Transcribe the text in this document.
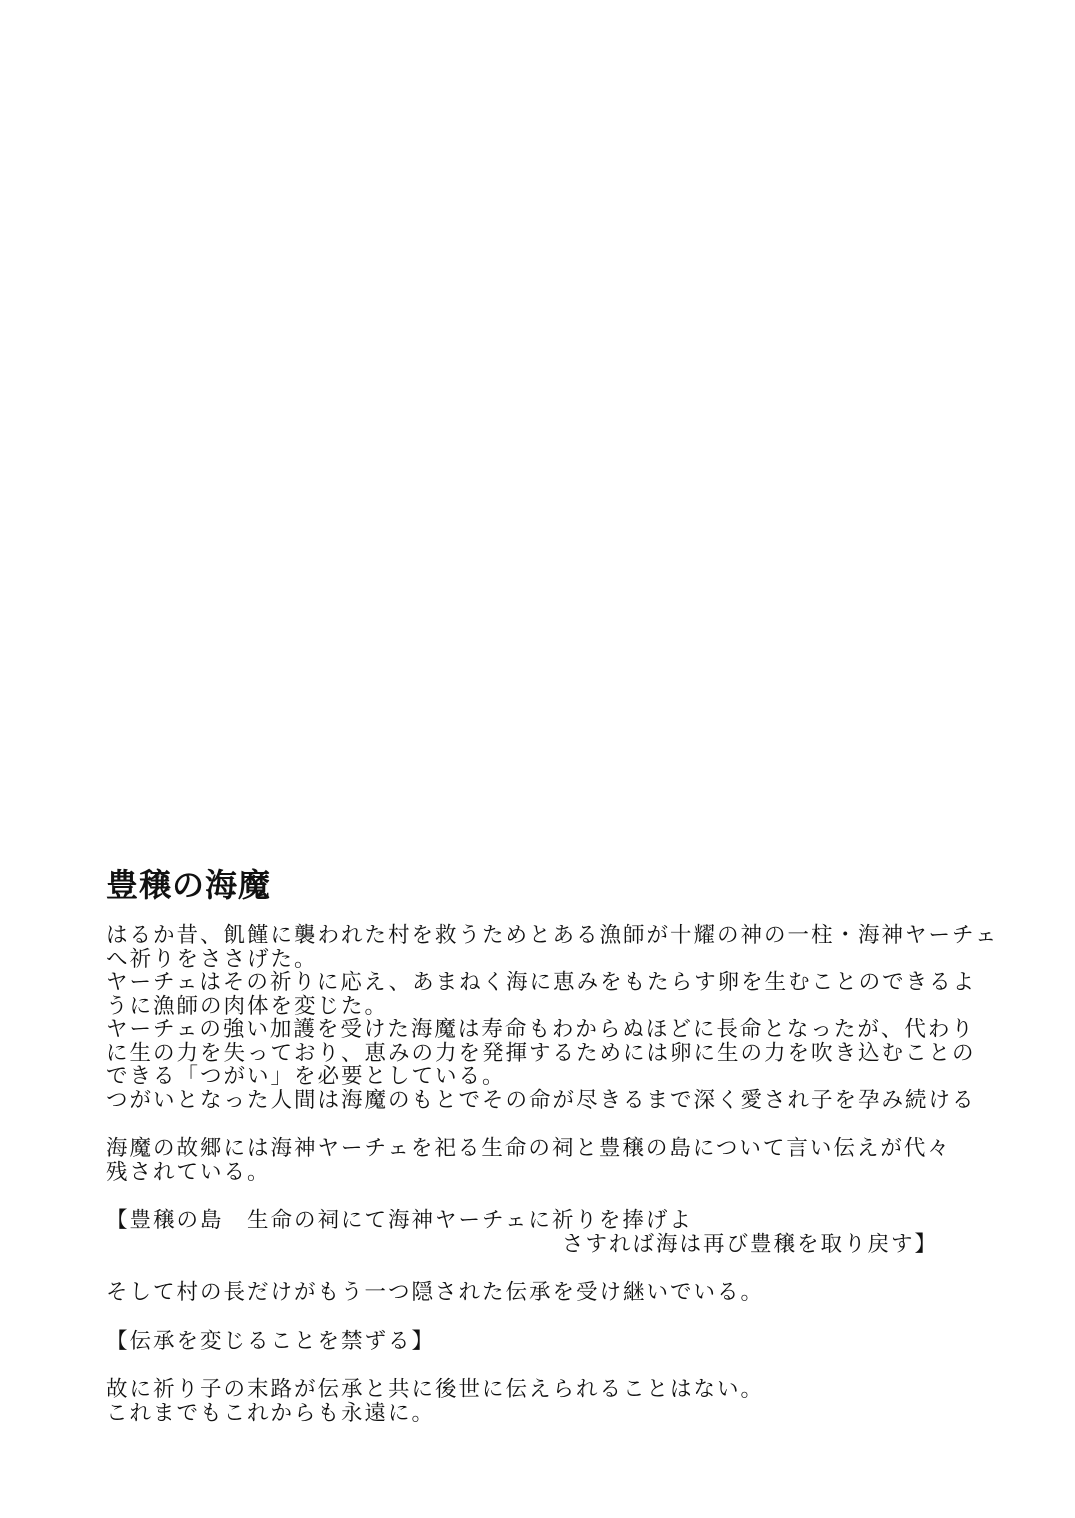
豊穣の海魔
はるか昔、飢饉に襲われた村を救うためとある漁師が十耀の神の一柱・海神ヤーチェ
へ祈りをささげた。
ヤーチェはその祈りに応え、あまねく海に恵みをもたらす卵を生むことのできるよ
うに漁師の肉体を変じた。
ヤーチェの強い加護を受けた海魔は寿命もわからぬほどに長命となったが、代わり
に生の力を失っており、恵みの力を発揮するためには卵に生の力を吹き込むことの
できる「つがい」を必要としている。
つがいとなった人間は海魔のもとでその命が尽きるまで深く愛され子を孕み続ける
海魔の故郷には海神ヤーチェを祀る生命の祠と豊穣の島について言い伝えが代々
残されている。
【豊穣の島　生命の祠にて海神ヤーチェに祈りを捧げよ
さすれば海は再び豊穣を取り戻す】
そして村の長だけがもう一つ隠された伝承を受け継いでいる。
【伝承を変じることを禁ずる】
故に祈り子の末路が伝承と共に後世に伝えられることはない。
これまでもこれからも永遠に。
